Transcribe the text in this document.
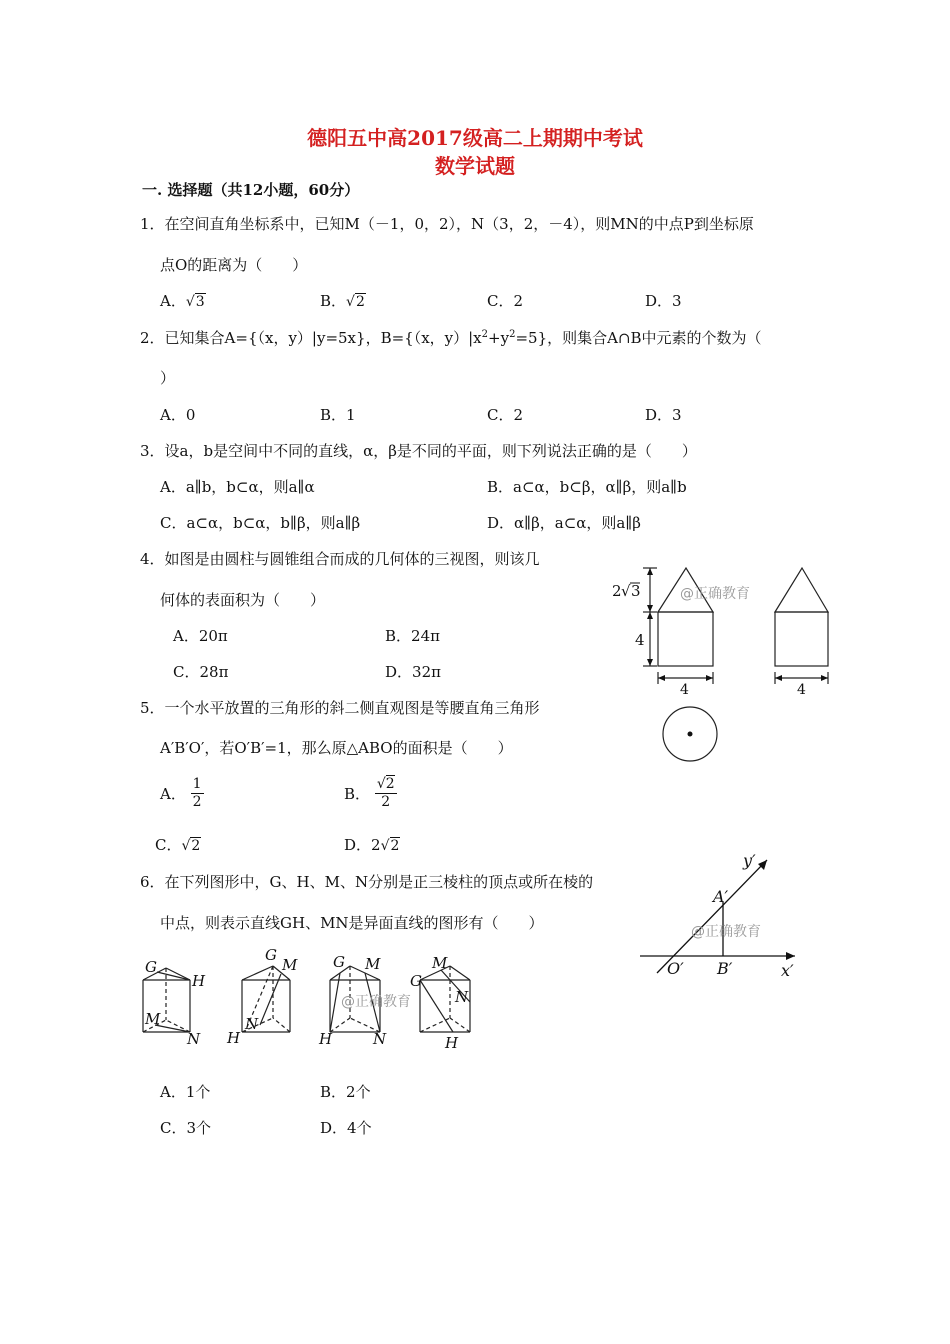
德阳五中高2017级高二上期期中考试
数学试题
一. 选择题（共12小题，60分）
1．在空间直角坐标系中，已知M（－1，0，2），N（3，2，－4），则MN的中点P到坐标原
点O的距离为（　　）
A．√3	B．√2	C．2	D．3
2．已知集合A={（x，y）|y=5x}，B={（x，$y)|x^2+y^2=5$}，则集合A∩B中元素的个数为（
）
A．0	B．1	C．2	D．3
3．设a，b是空间中不同的直线，α，β是不同的平面，则下列说法正确的是（　　）
A．a∥b，b⊂α，则a∥α	B．a⊂α，b⊂β，α∥β，则a∥b
C．a⊂α，b⊂α，b∥β，则a∥β	D．α∥β，a⊂α，则a∥β
4．如图是由圆柱与圆锥组合而成的几何体的三视图，则该几
何体的表面积为（　　）
A．20π	B．24π
C．28π	D．32π
2 √ 3
4
4	4
@正确教育
5．一个水平放置的三角形的斜二侧直观图是等腰直角三角形
A′B′O′，若O′B′=1，那么原△ABO的面积是（　　）
A． $\frac{1}{2}$	B． $\frac{√2}{2}$
C．√2	D．2√2
y′
x′
A′
B′
O′
@正确教育
6．在下列图形中，G、H、M、N分别是正三棱柱的顶点或所在棱的
中点，则表示直线GH、MN是异面直线的图形有（　　）
G
H
M
N
G
M
N
H
G M
H	N
G
M
N
H
@正确教育
A．1个	B．2个
C．3个	D．4个
